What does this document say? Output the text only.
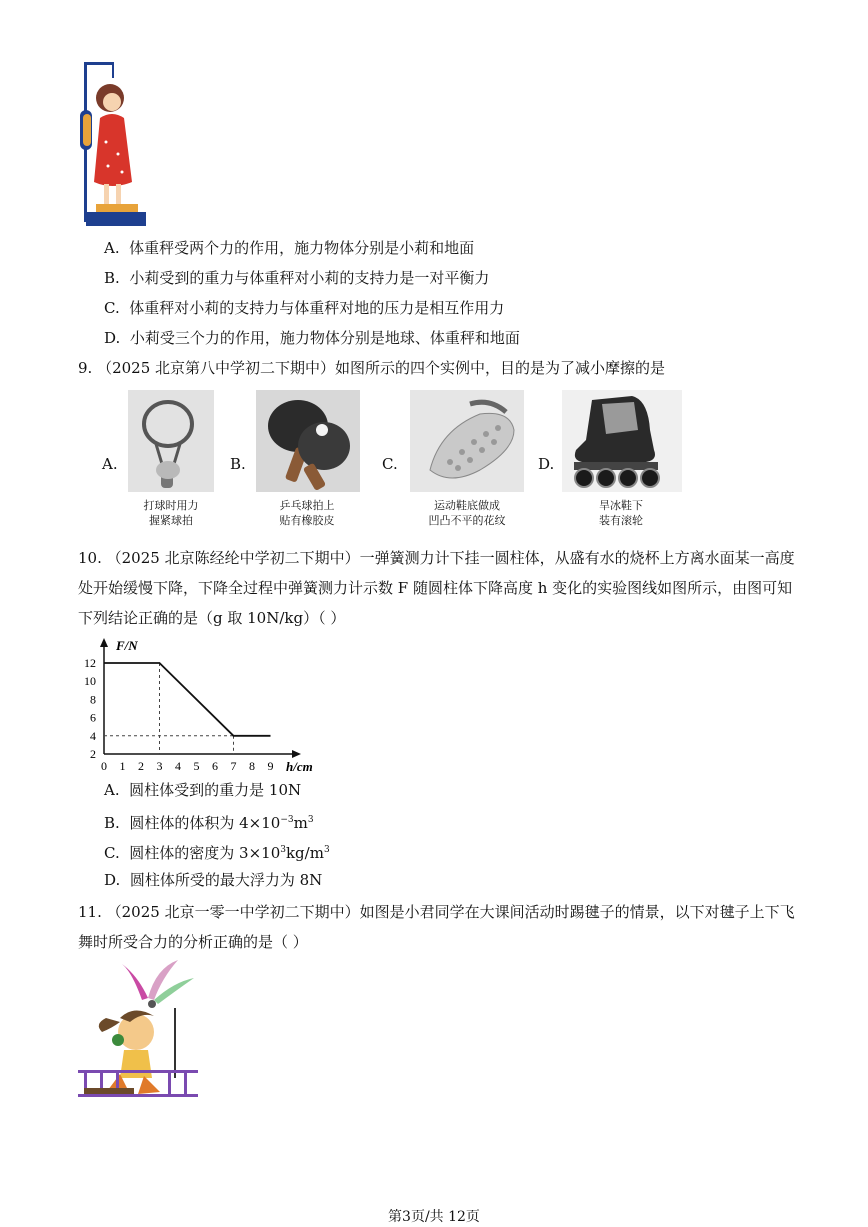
A. 体重秤受两个力的作用，施力物体分别是小莉和地面
B. 小莉受到的重力与体重秤对小莉的支持力是一对平衡力
C. 体重秤对小莉的支持力与体重秤对地的压力是相互作用力
D. 小莉受三个力的作用，施力物体分别是地球、体重秤和地面
9. （2025 北京第八中学初二下期中）如图所示的四个实例中，目的是为了减小摩擦的是
A.
打球时用力
握紧球拍
B.
乒乓球拍上
贴有橡胶皮
C.
运动鞋底做成
凹凸不平的花纹
D.
旱冰鞋下
装有滚轮
10. （2025 北京陈经纶中学初二下期中）一弹簧测力计下挂一圆柱体，从盛有水的烧杯上方离水面某一高度
处开始缓慢下降，下降全过程中弹簧测力计示数 F 随圆柱体下降高度 h 变化的实验图线如图所示，由图可知
下列结论正确的是（g 取 10N/kg）（ ）
0 1 2 3 4 5 6 7 8 9
2
4
6
8
10
12
F/N
h/cm
A. 圆柱体受到的重力是 10N
B. 圆柱体的体积为 $4\times 10^{-3}m^3$
C. 圆柱体的密度为 $3\times 10^3kg/m^3$
D. 圆柱体所受的最大浮力为 8N
11. （2025 北京一零一中学初二下期中）如图是小君同学在大课间活动时踢毽子的情景，以下对毽子上下飞
舞时所受合力的分析正确的是（ ）
第3页/共 12页
